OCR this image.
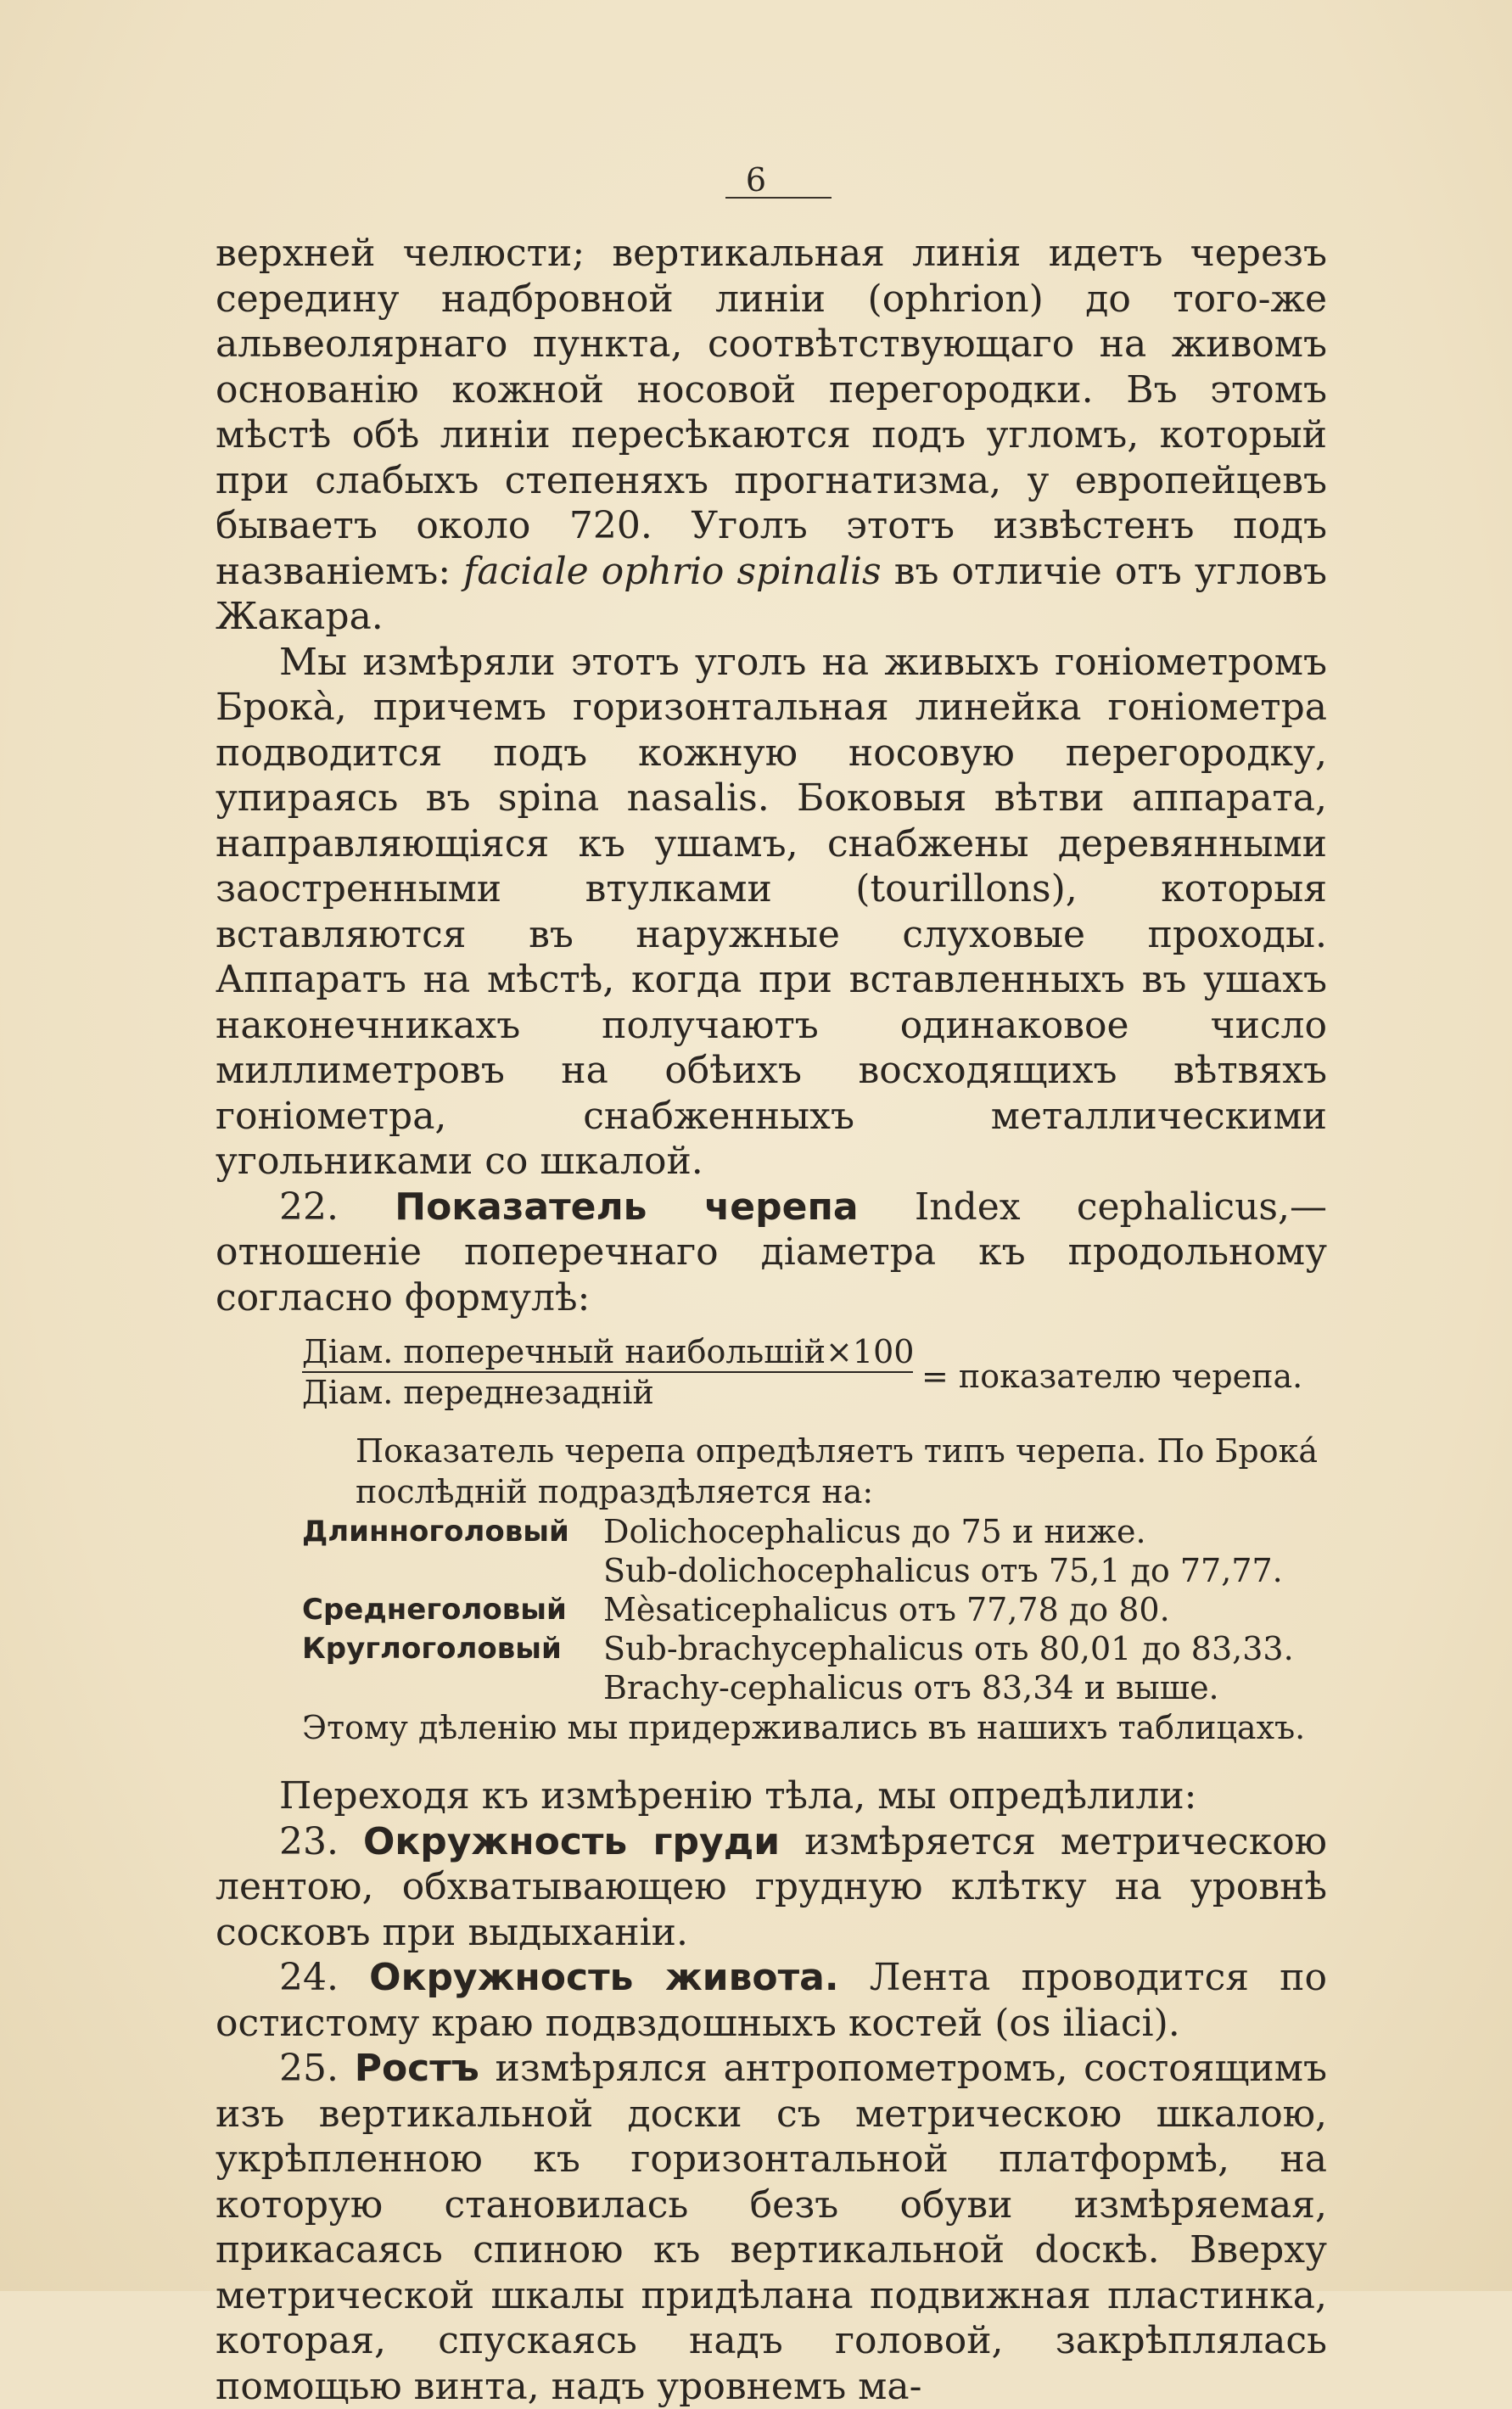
6

верхней челюсти; вертикальная линія идетъ черезъ середину надбровной линіи (ophrion) до того-же альвеолярнаго пункта, соотвѣтствующаго на живомъ основанію кожной носовой перегородки. Въ этомъ мѣстѣ обѣ линіи пересѣкаются подъ угломъ, который при слабыхъ степеняхъ прогнатизма, у европейцевъ бываетъ около 720. Уголъ этотъ извѣстенъ подъ названіемъ: faciale ophrio spinalis въ отличіе отъ угловъ Жакара.

Мы измѣряли этотъ уголъ на живыхъ гоніометромъ Брока̀, причемъ горизонтальная линейка гоніометра подводится подъ кожную носовую перегородку, упираясь въ spina nasalis. Боковыя вѣтви аппарата, направляющіяся къ ушамъ, снабжены деревянными заостренными втулками (tourillons), которыя вставляются въ наружные слуховые проходы. Аппаратъ на мѣстѣ, когда при вставленныхъ въ ушахъ наконечникахъ получаютъ одинаковое число миллиметровъ на обѣихъ восходящихъ вѣтвяхъ гоніометра, снабженныхъ металлическими угольниками со шкалой.

22. Показатель черепа Index cephalicus,—отношеніе поперечнаго діаметра къ продольному согласно формулѣ:

Діам. поперечный наибольшій×100
Діам. переднезадній	= показателю черепа.

Показатель черепа опредѣляетъ типъ черепа. По Брока́ послѣдній подраздѣляется на:

Длинноголовый	Dolichocephalicus до 75 и ниже.
Sub-dolichocephalicus отъ 75,1 до 77,77.
Среднеголовый	Mèsaticephalicus отъ 77,78 до 80.
Круглоголовый	Sub-brachycephalicus оть 80,01 до 83,33.
Brachy-cephalicus отъ 83,34 и выше.

Этому дѣленію мы придерживались въ нашихъ таблицахъ.

Переходя къ измѣренію тѣла, мы опредѣлили:

23. Окружность груди измѣряется метрическою лентою, обхватывающею грудную клѣтку на уровнѣ сосковъ при выдыханіи.

24. Окружность живота. Лента проводится по остистому краю подвздошныхъ костей (os iliaci).

25. Ростъ измѣрялся антропометромъ, состоящимъ изъ вертикальной доски съ метрическою шкалою, укрѣпленною къ горизонтальной платформѣ, на которую становилась безъ обуви измѣряемая, прикасаясь спиною къ вертикальной doскѣ. Вверху метрической шкалы придѣлана подвижная пластинка, которая, спускаясь надъ головой, закрѣплялась помощью винта, надъ уровнемъ ма-
